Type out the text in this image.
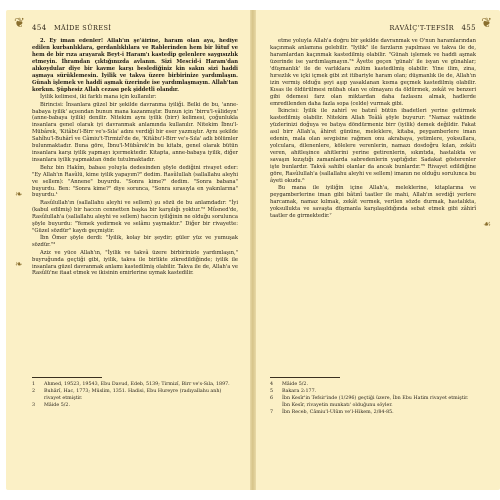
❦
❧
❧
454 MÂİDE SÛRESİ

2. Ey iman edenler! Allah'ın şe'âirine, haram olan aya, hediye edilen kurbanlıklara, gerdanlıklılara ve Rablerinden hem bir lütuf ve hem de bir rıza arayarak Beyt-i Haram'ı kastedip gelenlere saygısızlık etmeyin. İhramdan çıktığınızda avlanın. Sizi Mescid-i Haram'dan alıkoydular diye bir kavme karşı beslediğiniz kin sakın sizi haddi aşmaya sürüklemesin. İyilik ve takva üzere birbirinize yardımlaşın. Günah işlemek ve haddi aşmak üzerinde ise yardımlaşmayın. Allah'tan korkun. Şüphesiz Allah cezası pek şiddetli olandır.

İyilik kelimesi, iki farklı mana için kullanılır:

Birincisi: İnsanlara güzel bir şekilde davranma iyiliği. Belki de bu, 'anne-babaya iyilik' açısından bunun mana kazanmıştır. Bunun için 'birru'l-vâlideyn' (anne-babaya iyilik) denilir. Nitekim aynı iyilik (birr) kelimesi, çoğunlukla insanlara genel olarak iyi davranmak anlamında kullanılır. Nitekim İbnu'l-Mübârek, 'Kitâbu'l-Birr ve's-Sıla' adını verdiği bir eser yazmıştır. Aynı şekilde Sahîhu'l-Buhârî ve Câmiu't-Tirmizî'de de, 'Kitâbu'l-Birr ve's-Sıla' adlı bölümler bulunmaktadır. Buna göre, İbnu'l-Mübârek'in bu kitabı, genel olarak bütün insanlara karşı iyilik yapmayı içermektedir. Kitapta, anne-babaya iyilik, diğer insanlara iyilik yapmaktan önde tutulmaktadır.

Behz bin Hakîm, babası yoluyla dedesinden şöyle dediğini rivayet eder: "Ey Allah'ın Rasûlü, kime iyilik yapayım?" dedim. Rasûlullah (sallallahu aleyhi ve sellem): "Annene" buyurdu. "Sonra kime?" dedim. "Sonra babana" buyurdu. Ben: "Sonra kime?" diye sorunca, "Sonra sırasıyla en yakınlarına" buyurdu.¹

Rasûlullah'ın (sallallahu aleyhi ve sellem) şu sözü de bu anlamdadır: "İyi (kabul edilmiş) bir haccın cennetten başka bir karşılığı yoktur."² Mûsned'de, Rasûlullah'a (sallallahu aleyhi ve sellem) haccın iyiliğinin ne olduğu sorulunca şöyle buyurdu: "Yemek yedirmek ve selâmı yaymaktır." Diğer bir rivayette: "Güzel sözdür" kaydı geçmiştir.

İbn Ömer şöyle derdi: "İyilik, kolay bir şeydir; güler yüz ve yumuşak sözdür."³

Aziz ve yüce Allah'ın, "İyilik ve takvâ üzere birbirinizle yardımlaşın," buyruğunda geçtiği gibi, iyilik, takva ile birlikte zikredildiğinde; iyilik ile insanlara güzel davranmak anlamı kastedilmiş olabilir. Takva ile de, Allah'a ve Rasûlü'ne itaat etmek ve ikisinin emirlerine uymak kastedilir.

1	Ahmed, 19523, 19543, Ebu Davud, Edeb, 5139; Tirmizî, Birr ve's-Sıla, 1897.
2	Buhârî, Hac, 1773; Müslim, 1351. Hadisi, Ebu Hureyre (radıyallahu anh) rivayet etmiştir.
3	Mâide 5/2.
❦
☙
RAVÂİÇ'T-TEFSÎR 455

etme yoluyla Allah'a doğru bir şekilde davranmak ve O'nun haramlarından kaçınmak anlamına gelebilir. "Iyilik" ile farzların yapılması ve takva ile de, haramlardan kaçınmak kastedilmiş olabilir. "Günah işlemek ve haddi aşmak üzerinde ise yardımlaşmayın."⁴ Âyette geçen 'günah' ile isyan ve günahlar; 'düşmanlık' ile de varlıklara zulüm kastedilmiş olabilir. Yine ilim, zina, hırsızlık ve içki içmek gibi zıt itibariyle haram olan; düşmanlık ile de, Allah'ın izin vermiş olduğu şeyi aşıp yasaklanan kısma geçmek kastedilmiş olabilir. Kısas ile öldürülmesi mübah olan ve olmayanı da öldürmek, zekât ve benzeri gibi ödemesi farz olan miktardan daha fazlasını almak, hadlerde emredilenden daha fazla sopa (celde) vurmak gibi.

İkincisi: İyilik ile zahirî ve batınî bütün ibadetleri yerine getirmek kastedilmiş olabilir. Nitekim Allah Teâlâ şöyle buyurur: "Namaz vaktinde yüzlerinizi doğuya ve batıya döndürmeniz birr (iyilik) demek değildir. Fakat asıl birr Allah'a, âhiret gününe, meleklere, kitaba, peygamberlere iman edenin, mala olan sevgisine rağmen onu akrabaya, yetimlere, yoksullara, yolculara, dilenenlere, kölelere verenlerin, namazı dosdoğru kılan, zekâtı veren, ahitleşince ahitlerini yerine getirenlerin, sıkıntıda, hastalıkta ve savaşın kızıştığı zamanlarda sabredenlerin yaptığıdır. Sadakat gösterenler işte bunlardır. Takvâ sahibi olanlar da ancak bunlardır."⁵ Rivayet edildiğine göre, Rasûlullah'a (sallallahu aleyhi ve sellem) imanın ne olduğu sorulunca bu âyeti okudu.⁶

Bu mana ile iyiliğin içine Allah'a, meleklerine, kitaplarına ve peygamberlerine iman gibi bâtınî taatler ile mahi, Allah'ın sevdiği yerlere harcamak, namaz kılmak, zekât vermek, verilen sözde durmak, hastalıkta, yoksullukta ve savaşta düşmanla karşılaşıldığında sebat etmek gibi zâhirî taatler de girmektedir.⁷

4	Mâide 5/2.
5	Bakara 2:177.
6	İbn Kesîr'in Tefsir'inde (1/296) geçtiği üzere, İbn Ebu Hatim rivayet etmiştir. İbn Kesîr, rivayetin munkatı' olduğunu söyler.
7	İbn Receb, Câmiu'l-Ulûm ve'l-Hikem, 2/84-85.
